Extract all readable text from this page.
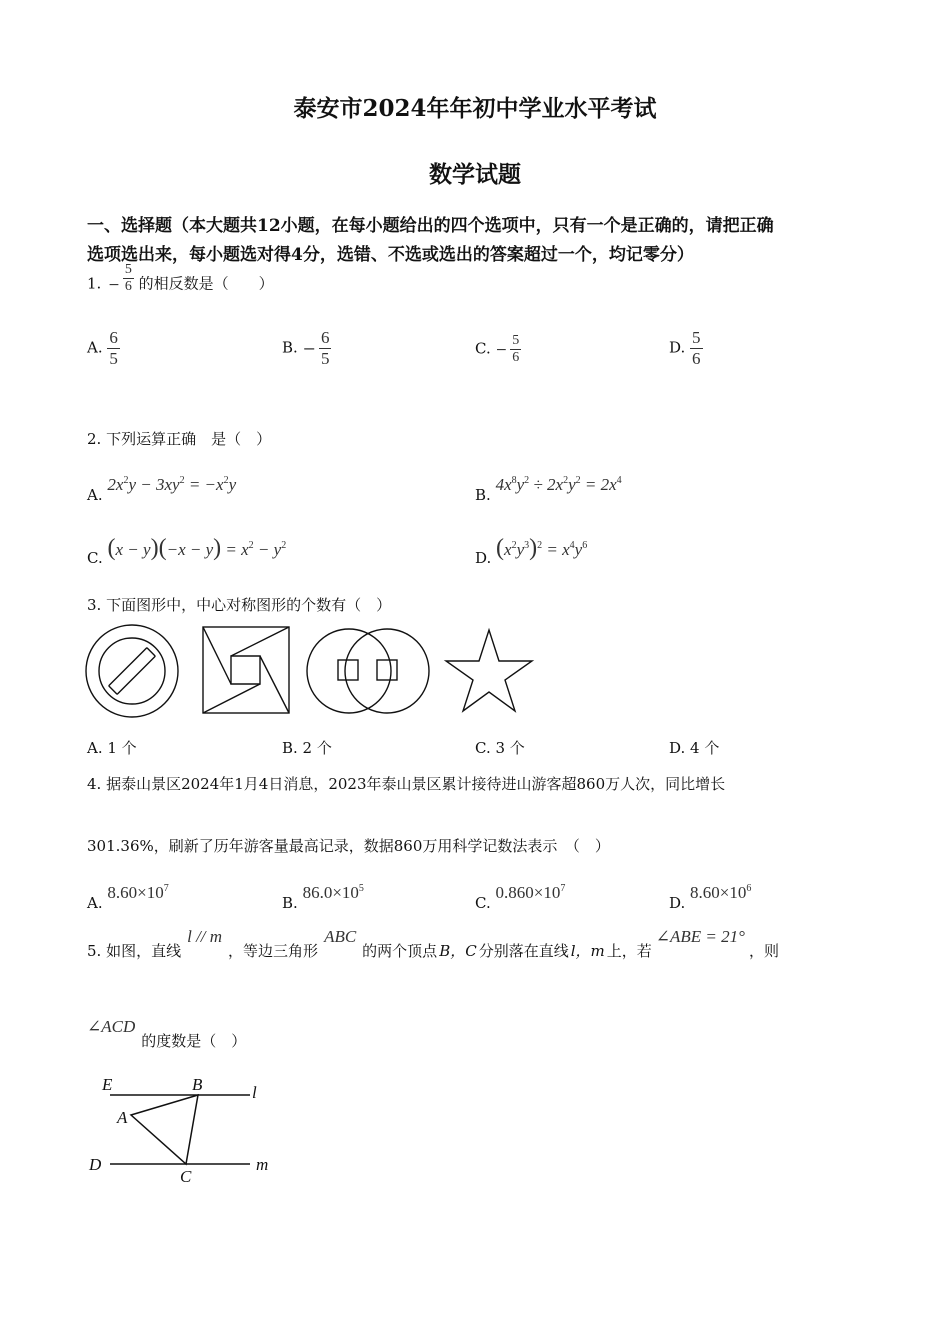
泰安市2024年年初中学业水平考试
数学试题
一、选择题（本大题共12小题，在每小题给出的四个选项中，只有一个是正确的，请把正确
选项选出来，每小题选对得4分，选错、不选或选出的答案超过一个，均记零分）
1. − $\frac{5}{6}$ 的相反数是（　　）
A. $\frac{6}{5}$	B. − $\frac{6}{5}$	C. − $\frac{5}{6}$	D. $\frac{5}{6}$
2. 下列运算正确　是（　）
A. $2x^2y - 3xy^2 = -x^2y$
B. $4x^8y^2 \div 2x^2y^2 = 2x^4$
C. $(x - y)(-x - y) = x^2 - y^2$
D. $(x^2y^3)^2 = x^4y^6$
3. 下面图形中，中心对称图形的个数有（　）
A. 1 个	B. 2 个	C. 3 个	D. 4 个
4. 据泰山景区2024年1月4日消息，2023年泰山景区累计接待进山游客超860万人次，同比增长
301.36%，刷新了历年游客量最高记录，数据860万用科学记数法表示　（　）
A. $8.60\times 10^7$
B. $86.0\times 10^5$
C. $0.860\times 10^7$
D. $8.60\times 10^6$
5. 如图，直线l // m，等边三角形ABC的两个顶点 B，C 分别落在直线 l，m 上，若∠ABE = 21°，则
∠ACD的度数是（　）
E	B	l
A
D
C
m
